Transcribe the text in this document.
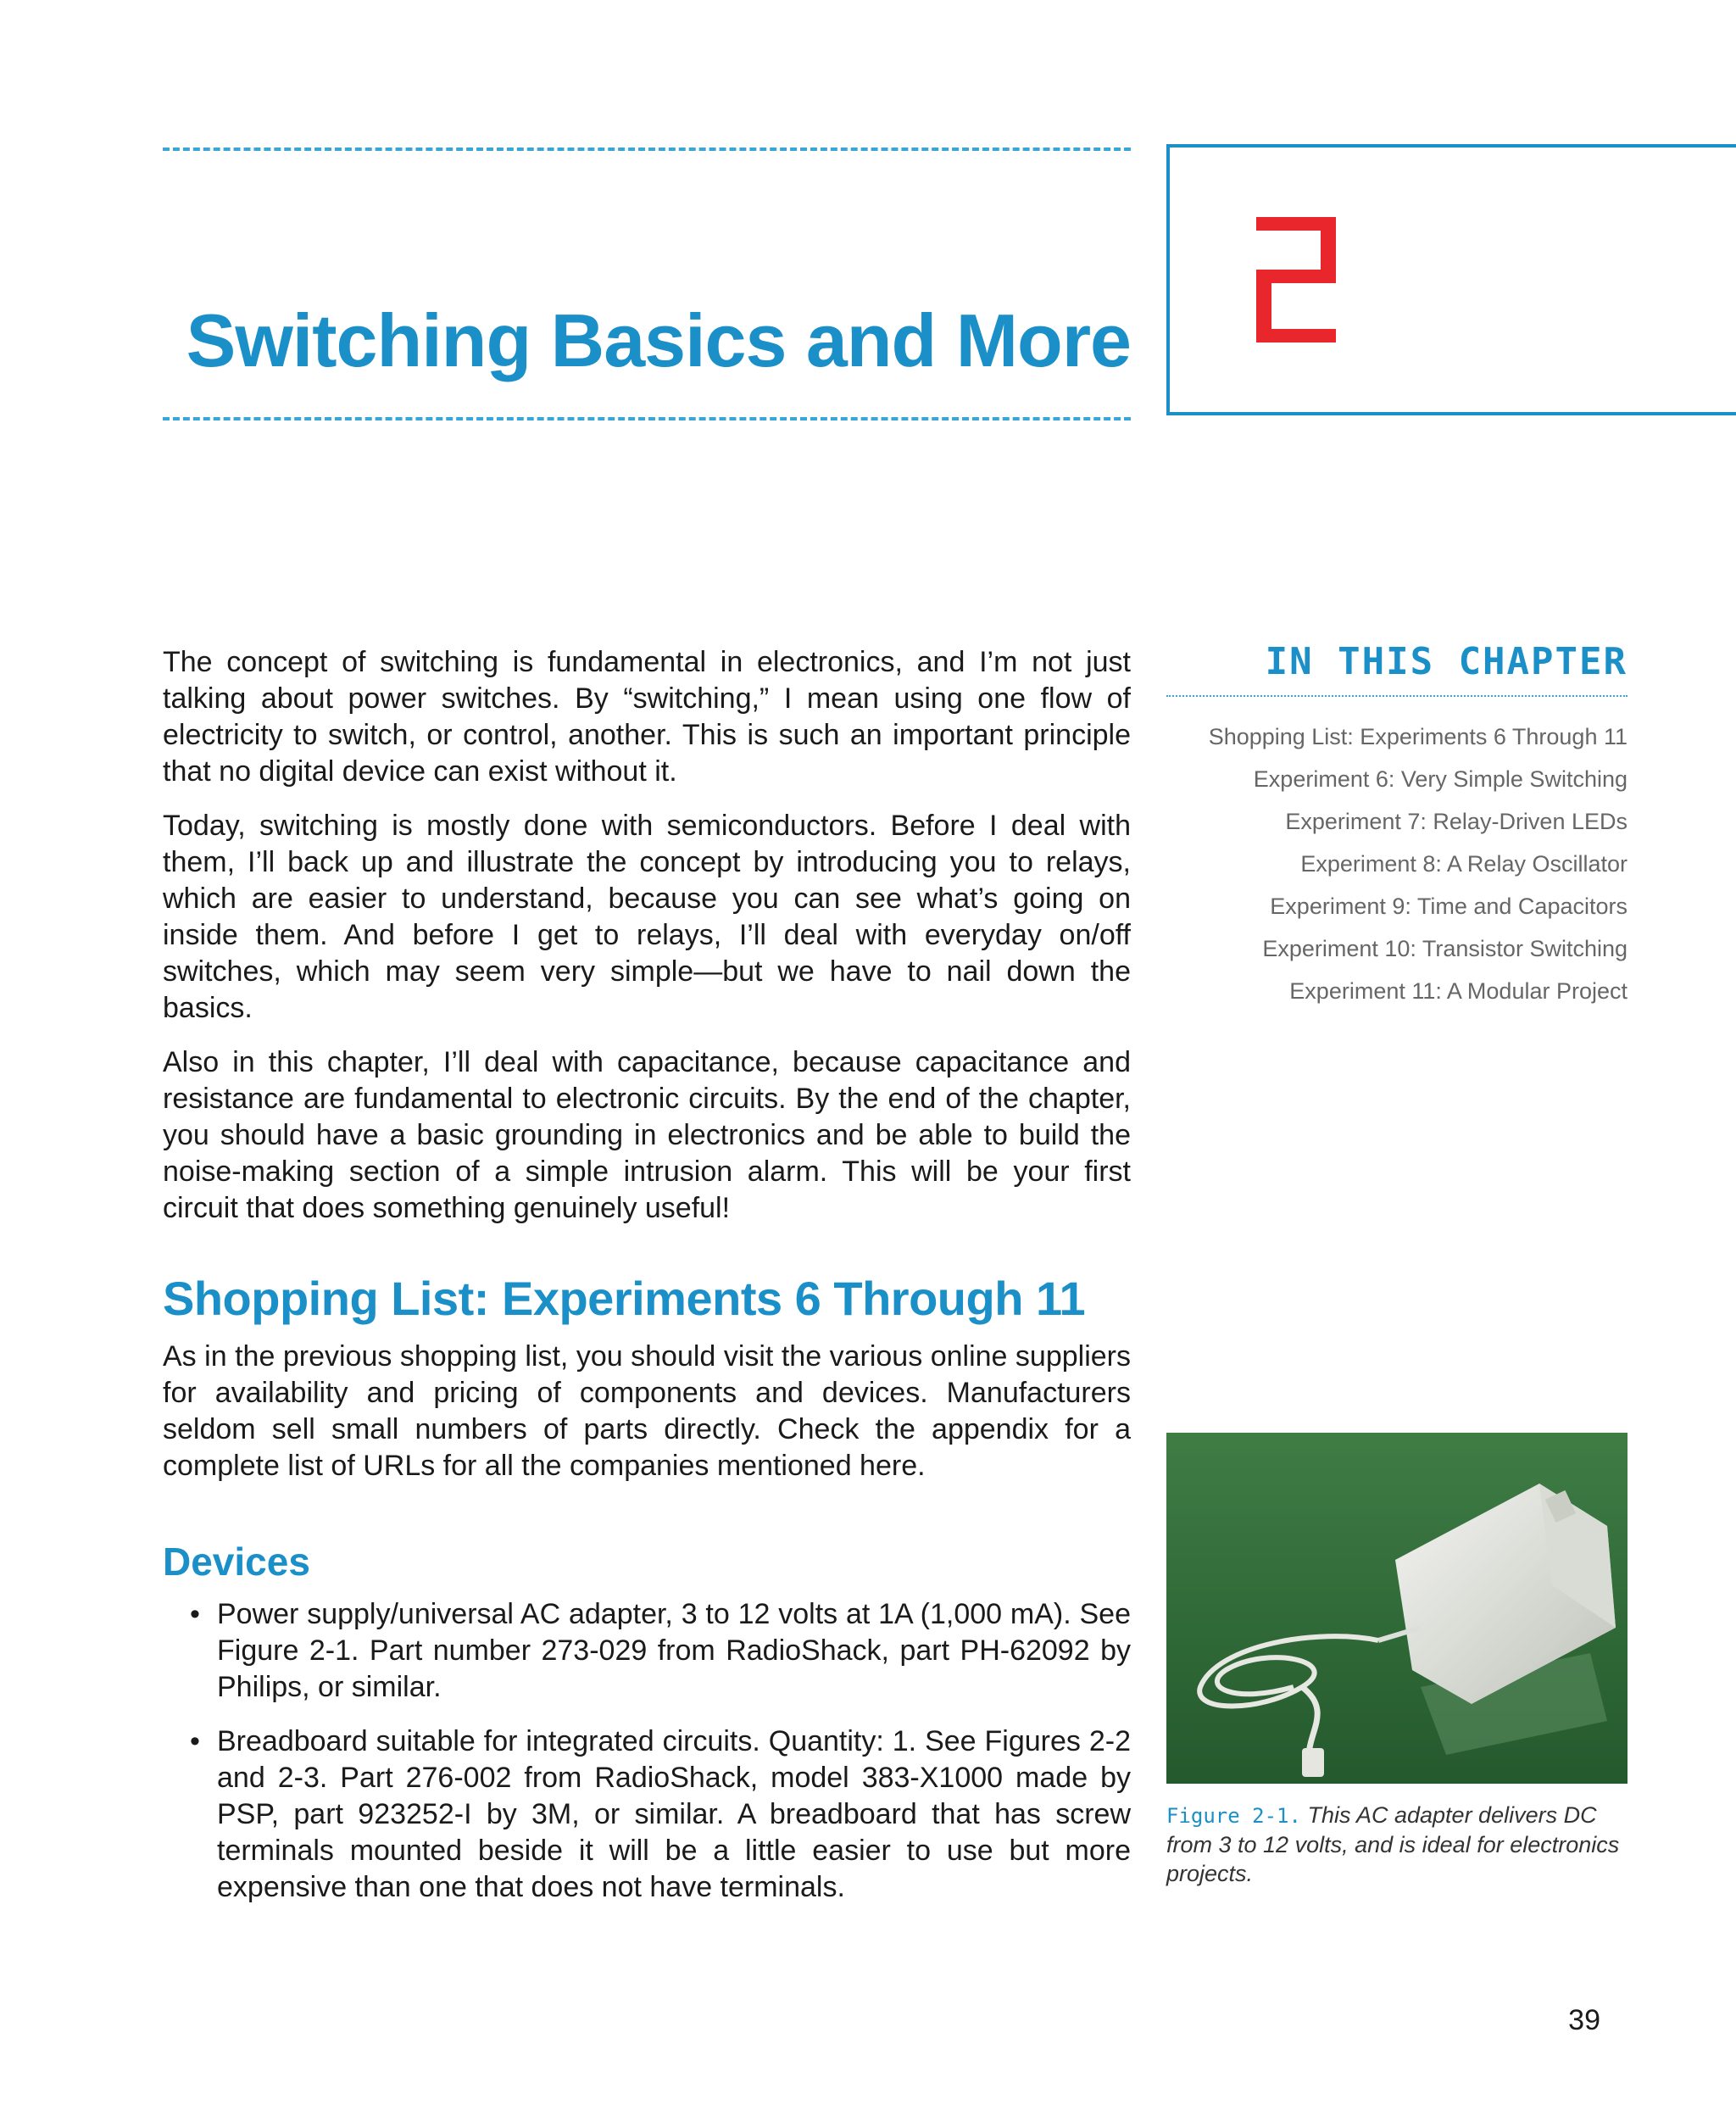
Switching Basics and More

The concept of switching is fundamental in electronics, and I’m not just talking about power switches. By “switching,” I mean using one flow of electricity to switch, or control, another. This is such an important principle that no digital device can exist without it.

Today, switching is mostly done with semiconductors. Before I deal with them, I’ll back up and illustrate the concept by introducing you to relays, which are easier to understand, because you can see what’s going on inside them. And before I get to relays, I’ll deal with everyday on/off switches, which may seem very simple—but we have to nail down the basics.

Also in this chapter, I’ll deal with capacitance, because capacitance and resistance are fundamental to electronic circuits. By the end of the chapter, you should have a basic grounding in electronics and be able to build the noise-making section of a simple intrusion alarm. This will be your first circuit that does something genuinely useful!

Shopping List: Experiments 6 Through 11

As in the previous shopping list, you should visit the various online suppliers for availability and pricing of components and devices. Manufacturers seldom sell small numbers of parts directly. Check the appendix for a complete list of URLs for all the companies mentioned here.

Devices
• Power supply/universal AC adapter, 3 to 12 volts at 1A (1,000 mA). See Figure 2-1. Part number 273-029 from RadioShack, part PH-62092 by Philips, or similar.
• Breadboard suitable for integrated circuits. Quantity: 1. See Figures 2-2 and 2-3. Part 276-002 from RadioShack, model 383-X1000 made by PSP, part 923252-I by 3M, or similar. A breadboard that has screw terminals mounted beside it will be a little easier to use but more expensive than one that does not have terminals.
IN THIS CHAPTER
Shopping List: Experiments 6 Through 11
Experiment 6: Very Simple Switching
Experiment 7: Relay-Driven LEDs
Experiment 8: A Relay Oscillator
Experiment 9: Time and Capacitors
Experiment 10: Transistor Switching
Experiment 11: A Modular Project
Figure 2-1. This AC adapter delivers DC from 3 to 12 volts, and is ideal for electronics projects.
39
